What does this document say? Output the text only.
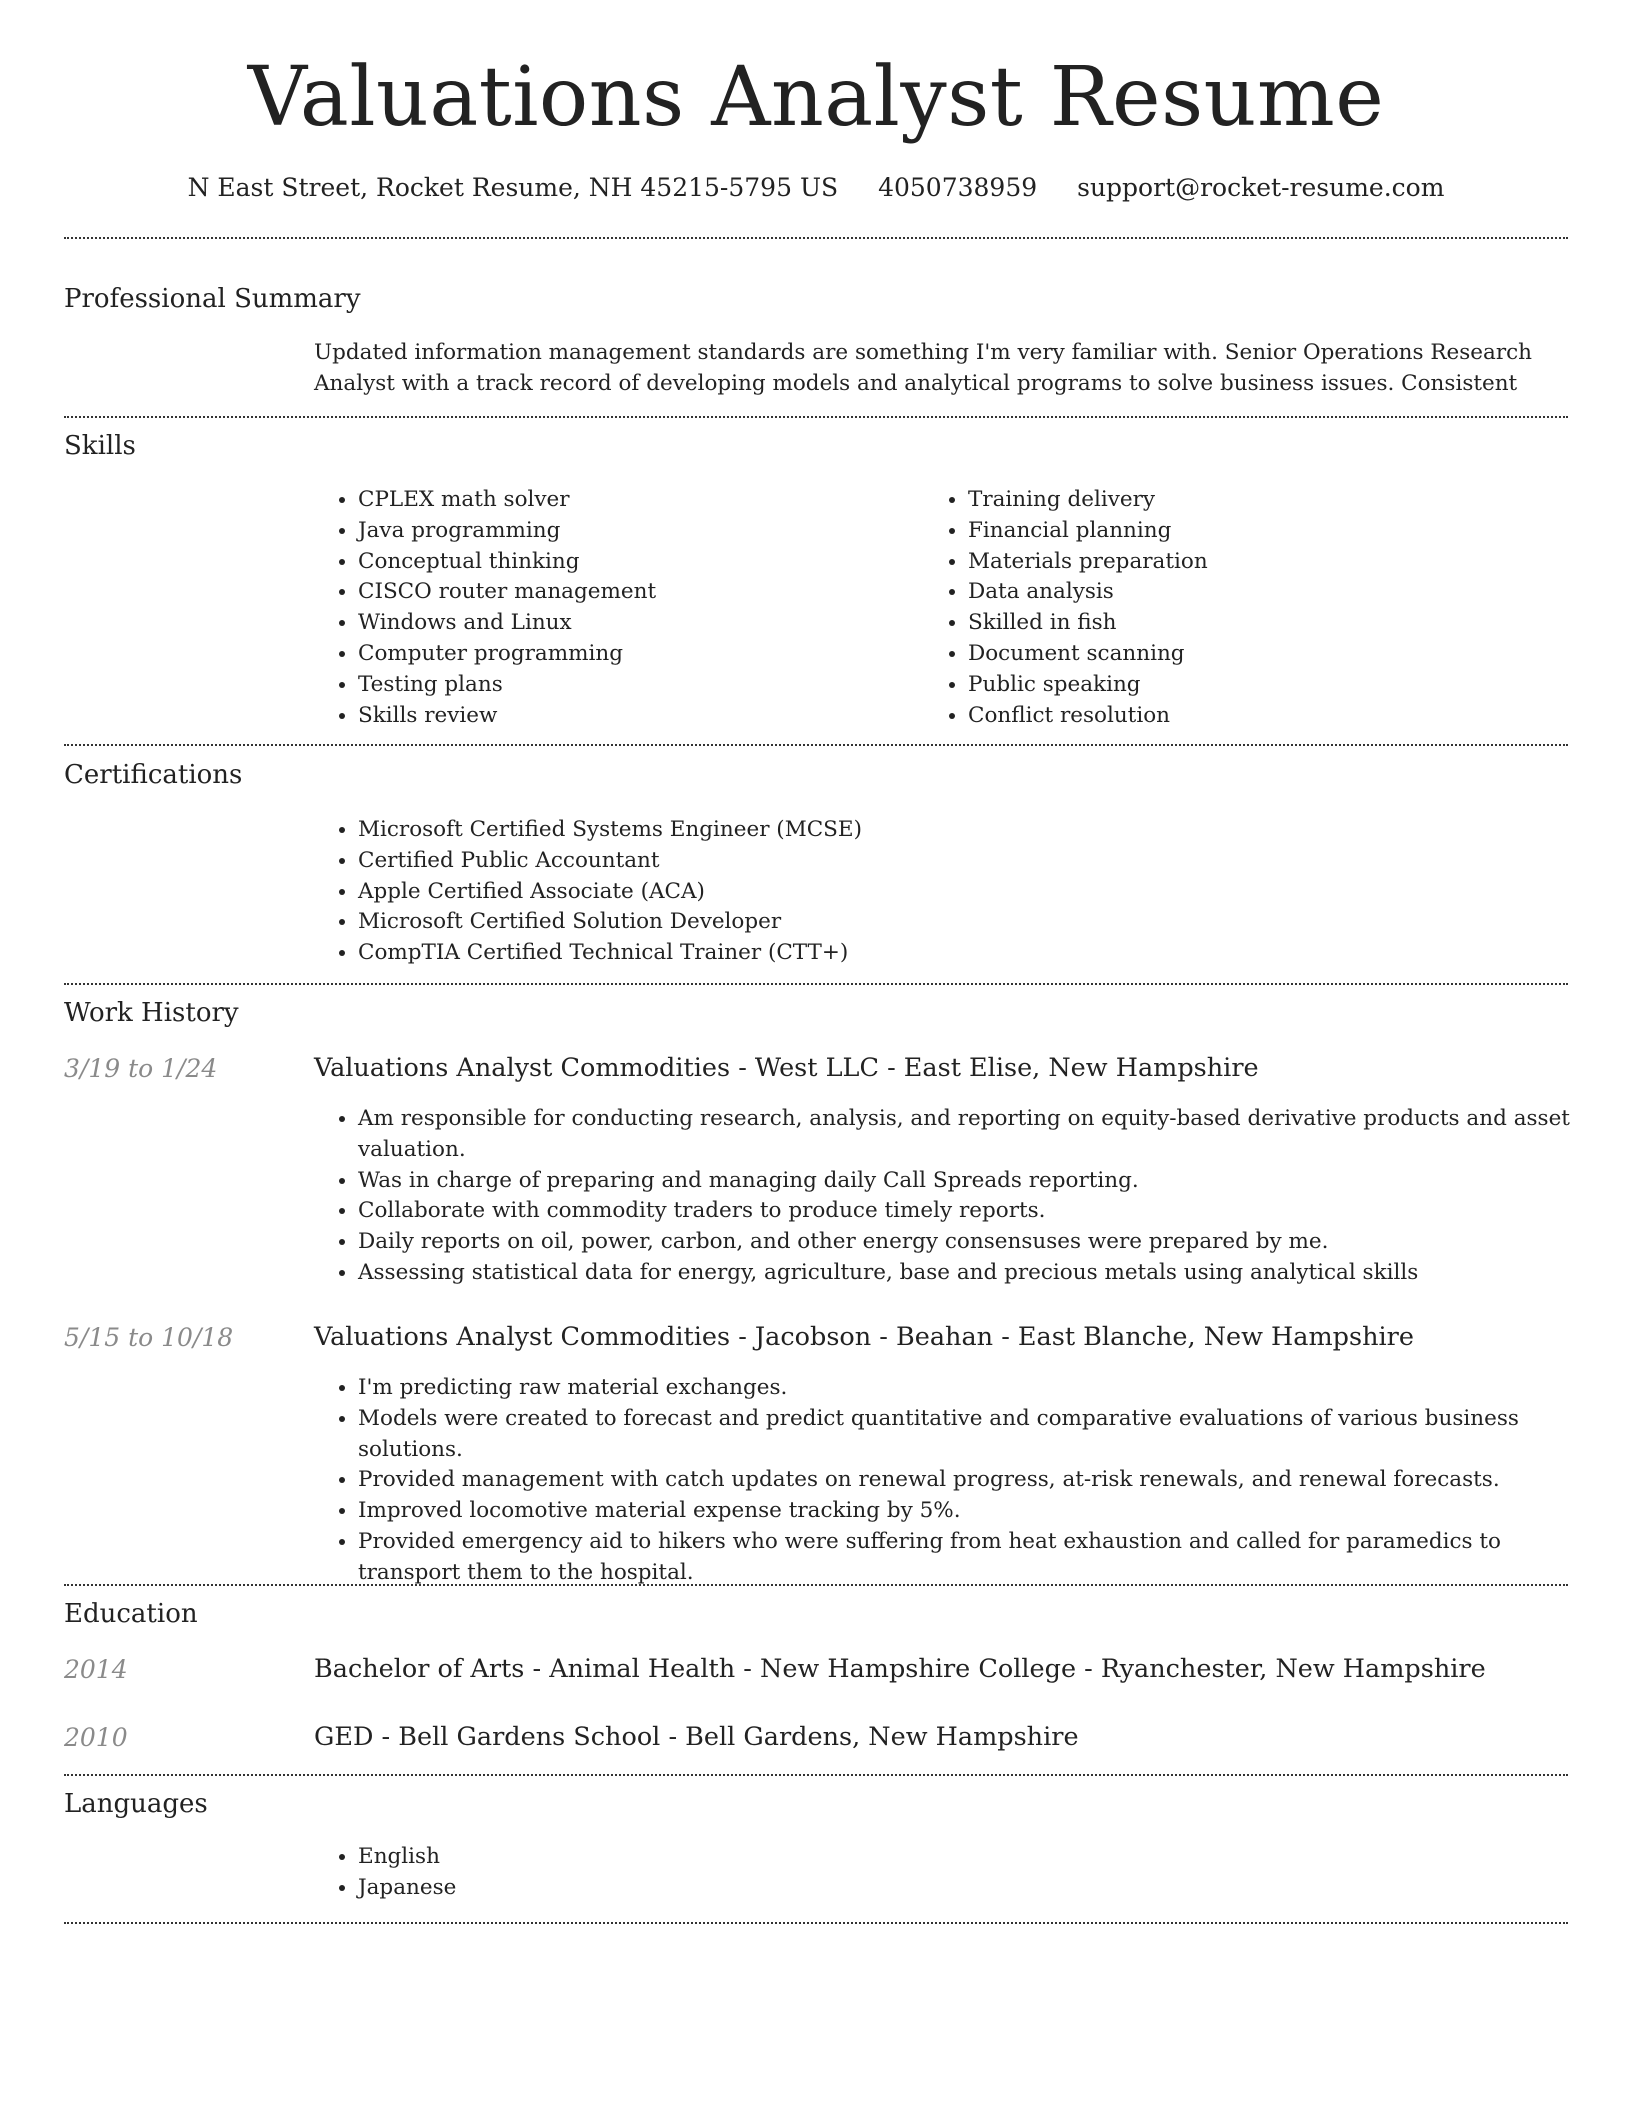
Valuations Analyst Resume
N East Street, Rocket Resume, NH 45215-5795 US 4050738959 support@rocket-resume.com
Professional Summary
Updated information management standards are something I'm very familiar with. Senior Operations Research Analyst with a track record of developing models and analytical programs to solve business issues. Consistent
Skills
• CPLEX math solver
• Java programming
• Conceptual thinking
• CISCO router management
• Windows and Linux
• Computer programming
• Testing plans
• Skills review
• Training delivery
• Financial planning
• Materials preparation
• Data analysis
• Skilled in fish
• Document scanning
• Public speaking
• Conflict resolution
Certifications
• Microsoft Certified Systems Engineer (MCSE)
• Certified Public Accountant
• Apple Certified Associate (ACA)
• Microsoft Certified Solution Developer
• CompTIA Certified Technical Trainer (CTT+)
Work History
3/19 to 1/24	Valuations Analyst Commodities - West LLC - East Elise, New Hampshire
• Am responsible for conducting research, analysis, and reporting on equity-based derivative products and asset valuation.
• Was in charge of preparing and managing daily Call Spreads reporting.
• Collaborate with commodity traders to produce timely reports.
• Daily reports on oil, power, carbon, and other energy consensuses were prepared by me.
• Assessing statistical data for energy, agriculture, base and precious metals using analytical skills
5/15 to 10/18	Valuations Analyst Commodities - Jacobson - Beahan - East Blanche, New Hampshire
• I'm predicting raw material exchanges.
• Models were created to forecast and predict quantitative and comparative evaluations of various business solutions.
• Provided management with catch updates on renewal progress, at-risk renewals, and renewal forecasts.
• Improved locomotive material expense tracking by 5%.
• Provided emergency aid to hikers who were suffering from heat exhaustion and called for paramedics to transport them to the hospital.
Education
2014	Bachelor of Arts - Animal Health - New Hampshire College - Ryanchester, New Hampshire
2010	GED - Bell Gardens School - Bell Gardens, New Hampshire
Languages
• English
• Japanese
